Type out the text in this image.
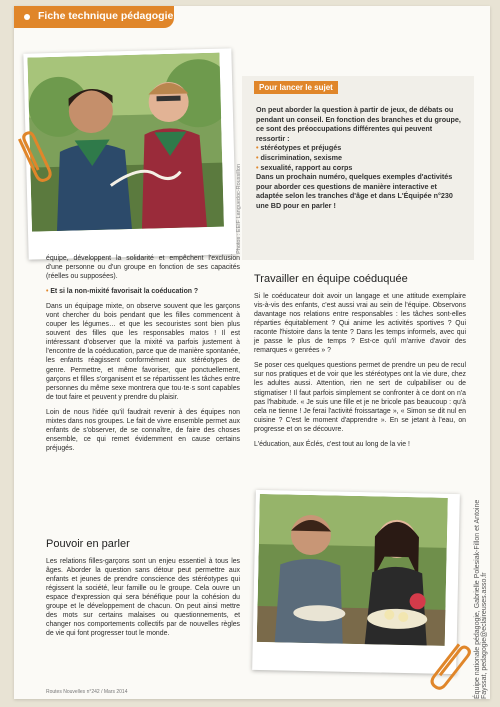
Fiche technique pédagogie
Photos : EEIF Languedoc-Roussillon
Pour lancer le sujet
On peut aborder la question à partir de jeux, de débats ou pendant un conseil. En fonction des branches et du groupe, ce sont des préoccupations différentes qui peuvent ressortir :
• stéréotypes et préjugés
• discrimination, sexisme
• sexualité, rapport au corps
Dans un prochain numéro, quelques exemples d'activités pour aborder ces questions de manière interactive et adaptée selon les tranches d'âge et dans L'Équipée n°230 une BD pour en parler !

équipe, développent la solidarité et empêchent l'exclusion d'une personne ou d'un groupe en fonction de ses capacités (réelles ou supposées).

• Et si la non-mixité favorisait la coéducation ?

Dans un équipage mixte, on observe souvent que les garçons vont chercher du bois pendant que les filles commencent à couper les légumes… et que les secouristes sont bien plus souvent des filles que les responsables matos ! Il est intéressant d'observer que la mixité va parfois justement à l'encontre de la coéducation, parce que de manière spontanée, les enfants réagissent conformément aux stéréotypes de genre. Permettre, et même favoriser, que ponctuellement, garçons et filles s'organisent et se répartissent les tâches entre personnes du même sexe montrera que tou·te·s sont capables de tout faire et peuvent y prendre du plaisir.

Loin de nous l'idée qu'il faudrait revenir à des équipes non mixtes dans nos groupes. Le fait de vivre ensemble permet aux enfants de s'observer, de se connaître, de faire des choses ensemble, ce qui remet évidemment en cause certains préjugés.

Pouvoir en parler

Les relations filles-garçons sont un enjeu essentiel à tous les âges. Aborder la question sans détour peut permettre aux enfants et jeunes de prendre conscience des stéréotypes qui régissent la société, leur famille ou le groupe. Cela ouvre un espace d'expression qui sera bénéfique pour la cohésion du groupe et le développement de chacun. On peut ainsi mettre des mots sur certains malaises ou questionnements, et changer nos comportements collectifs par de nouvelles règles de vie qui font progresser tout le monde.

Travailler en équipe coéduquée

Si le coéducateur doit avoir un langage et une attitude exemplaire vis-à-vis des enfants, c'est aussi vrai au sein de l'équipe. Observons davantage nos relations entre responsables : les tâches sont-elles réparties équitablement ? Qui anime les activités sportives ? Qui raconte l'histoire dans la tente ? Dans les temps informels, avec qui je passe le plus de temps ? Est-ce qu'il m'arrive d'avoir des remarques « genrées » ?

Se poser ces quelques questions permet de prendre un peu de recul sur nos pratiques et de voir que les stéréotypes ont la vie dure, chez les adultes aussi. Attention, rien ne sert de culpabiliser ou de stigmatiser ! Il faut parfois simplement se confronter à ce dont on n'a pas l'habitude. « Je suis une fille et je ne bricole pas beaucoup : qu'à cela ne tienne ! Je ferai l'activité froissartage », « Simon se dit nul en cuisine ? C'est le moment d'apprendre ». En se jetant à l'eau, on progresse et on se découvre.

L'éducation, aux Éclés, c'est tout au long de la vie !

Équipe nationale pédagogie, Gabrielle Polesiak-Fillon et Antoine Fayssat, pedagogie@eclaireuses.asso.fr
Routes Nouvelles n°242 / Mars 2014
